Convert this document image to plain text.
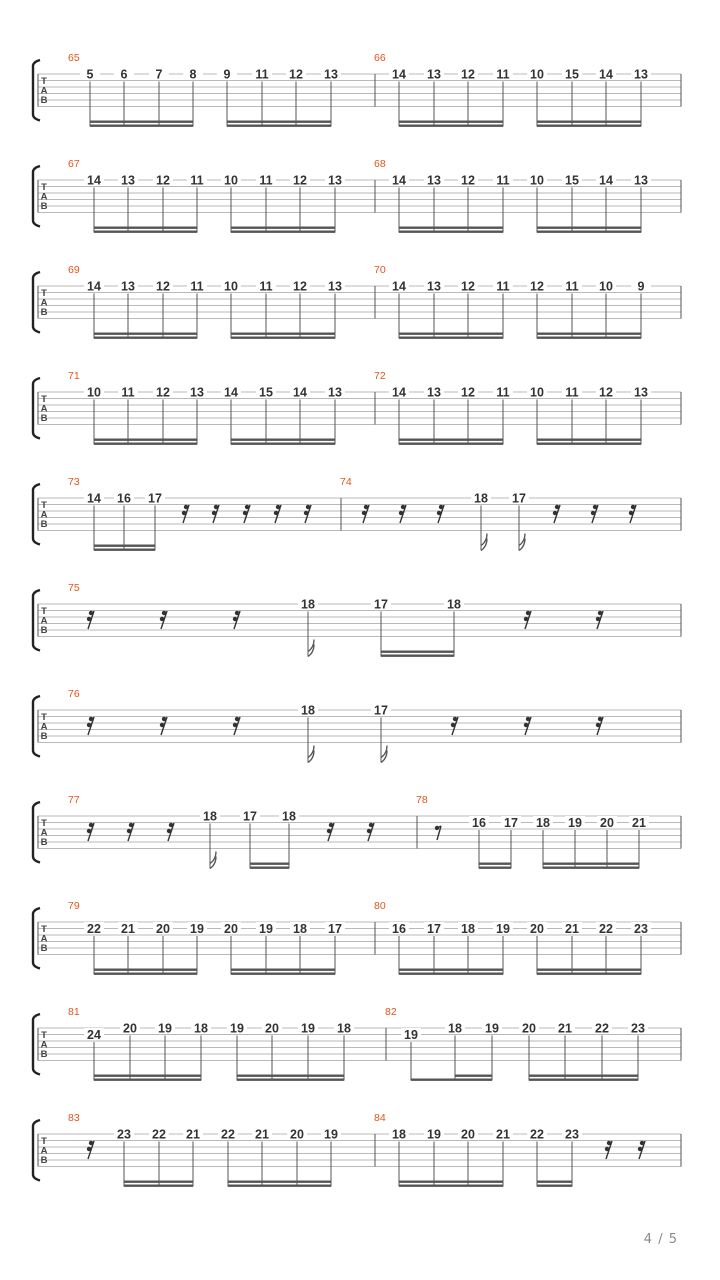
T
A
B
65
5 6 7 8 9 11 12 13
66
14 13 12 11 10 15 14 13
T
A
B
67
14 13 12 11 10 11 12 13
68
14 13 12 11 10 15 14 13
T
A
B
69
14 13 12 11 10 11 12 13
70
14 13 12 11 12 11 10 9
T
A
B
71
10 11 12 13 14 15 14 13
72
14 13 12 11 10 11 12 13
T
A
B
73
14 16 17
74
18 17
T
A
B
75
18	17	18
T
A
B
76
18	17
T
A
B
77
18 17 18
78
16 17 18 19 20 21
T
A
B
79
22 21 20 19 20 19 18 17
80
16 17 18 19 20 21 22 23
T
A
B
81
24 20 19 18 19 20 19 18
82
19 18 19 20 21 22 23
T
A
B
83
23 22 21 22 21 20 19
84
18 19 20 21 22 23
4 / 5
